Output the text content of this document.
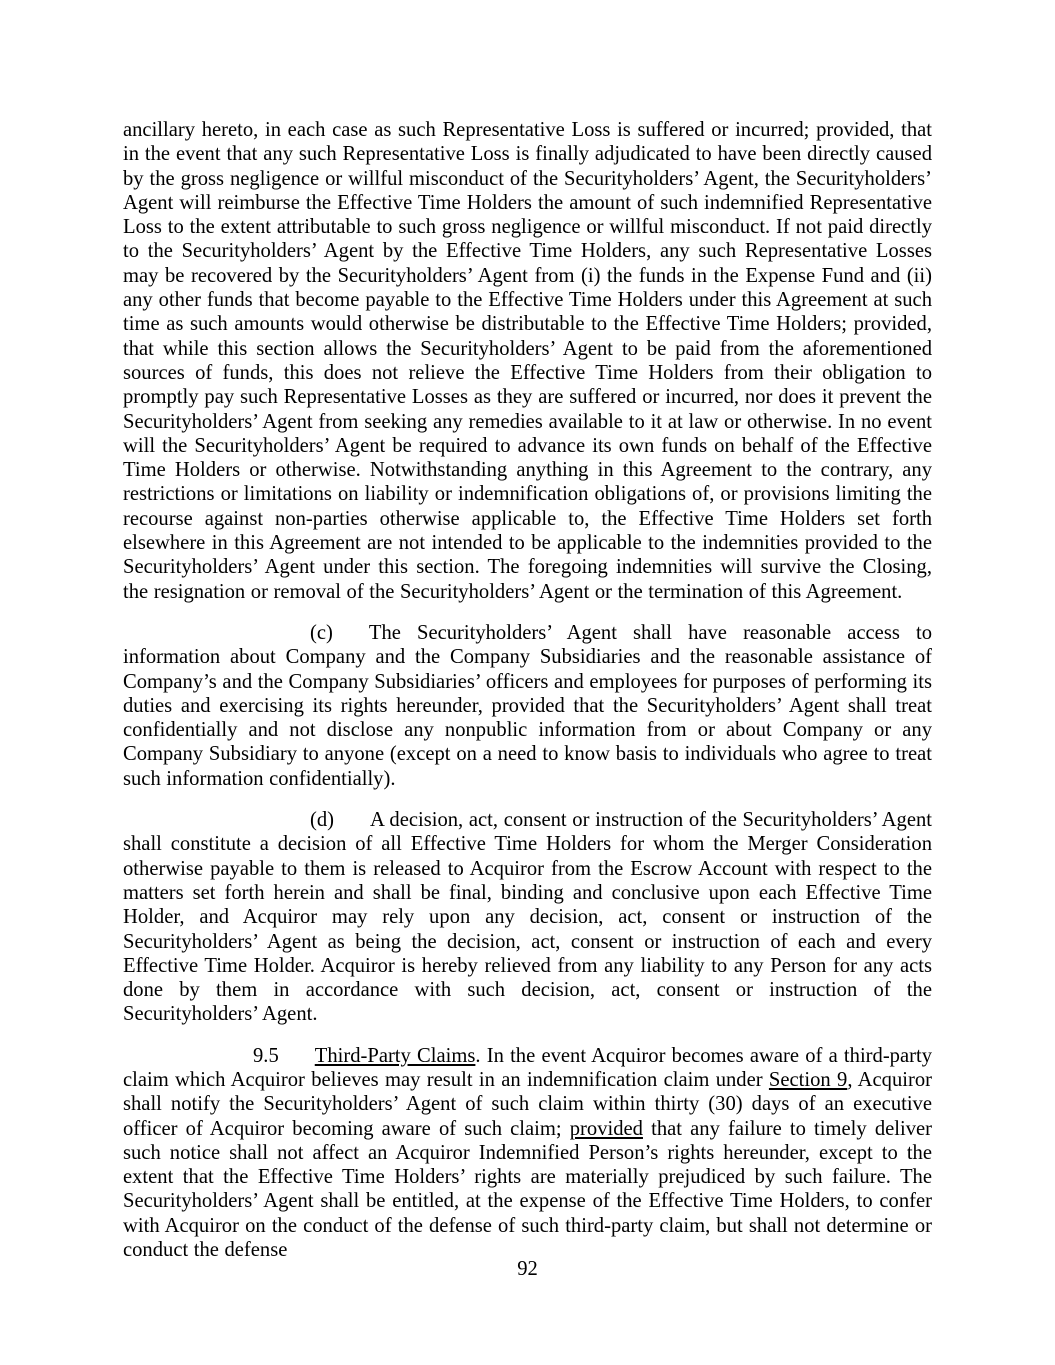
ancillary hereto, in each case as such Representative Loss is suffered or incurred; provided, that in the event that any such Representative Loss is finally adjudicated to have been directly caused by the gross negligence or willful misconduct of the Securityholders’ Agent, the Securityholders’ Agent will reimburse the Effective Time Holders the amount of such indemnified Representative Loss to the extent attributable to such gross negligence or willful misconduct. If not paid directly to the Securityholders’ Agent by the Effective Time Holders, any such Representative Losses may be recovered by the Securityholders’ Agent from (i) the funds in the Expense Fund and (ii) any other funds that become payable to the Effective Time Holders under this Agreement at such time as such amounts would otherwise be distributable to the Effective Time Holders; provided, that while this section allows the Securityholders’ Agent to be paid from the aforementioned sources of funds, this does not relieve the Effective Time Holders from their obligation to promptly pay such Representative Losses as they are suffered or incurred, nor does it prevent the Securityholders’ Agent from seeking any remedies available to it at law or otherwise. In no event will the Securityholders’ Agent be required to advance its own funds on behalf of the Effective Time Holders or otherwise. Notwithstanding anything in this Agreement to the contrary, any restrictions or limitations on liability or indemnification obligations of, or provisions limiting the recourse against non-parties otherwise applicable to, the Effective Time Holders set forth elsewhere in this Agreement are not intended to be applicable to the indemnities provided to the Securityholders’ Agent under this section. The foregoing indemnities will survive the Closing, the resignation or removal of the Securityholders’ Agent or the termination of this Agreement.

(c) The Securityholders’ Agent shall have reasonable access to information about Company and the Company Subsidiaries and the reasonable assistance of Company’s and the Company Subsidiaries’ officers and employees for purposes of performing its duties and exercising its rights hereunder, provided that the Securityholders’ Agent shall treat confidentially and not disclose any nonpublic information from or about Company or any Company Subsidiary to anyone (except on a need to know basis to individuals who agree to treat such information confidentially).

(d) A decision, act, consent or instruction of the Securityholders’ Agent shall constitute a decision of all Effective Time Holders for whom the Merger Consideration otherwise payable to them is released to Acquiror from the Escrow Account with respect to the matters set forth herein and shall be final, binding and conclusive upon each Effective Time Holder, and Acquiror may rely upon any decision, act, consent or instruction of the Securityholders’ Agent as being the decision, act, consent or instruction of each and every Effective Time Holder. Acquiror is hereby relieved from any liability to any Person for any acts done by them in accordance with such decision, act, consent or instruction of the Securityholders’ Agent.

9.5 Third-Party Claims. In the event Acquiror becomes aware of a third-party claim which Acquiror believes may result in an indemnification claim under Section 9, Acquiror shall notify the Securityholders’ Agent of such claim within thirty (30) days of an executive officer of Acquiror becoming aware of such claim; provided that any failure to timely deliver such notice shall not affect an Acquiror Indemnified Person’s rights hereunder, except to the extent that the Effective Time Holders’ rights are materially prejudiced by such failure. The Securityholders’ Agent shall be entitled, at the expense of the Effective Time Holders, to confer with Acquiror on the conduct of the defense of such third-party claim, but shall not determine or conduct the defense

92
